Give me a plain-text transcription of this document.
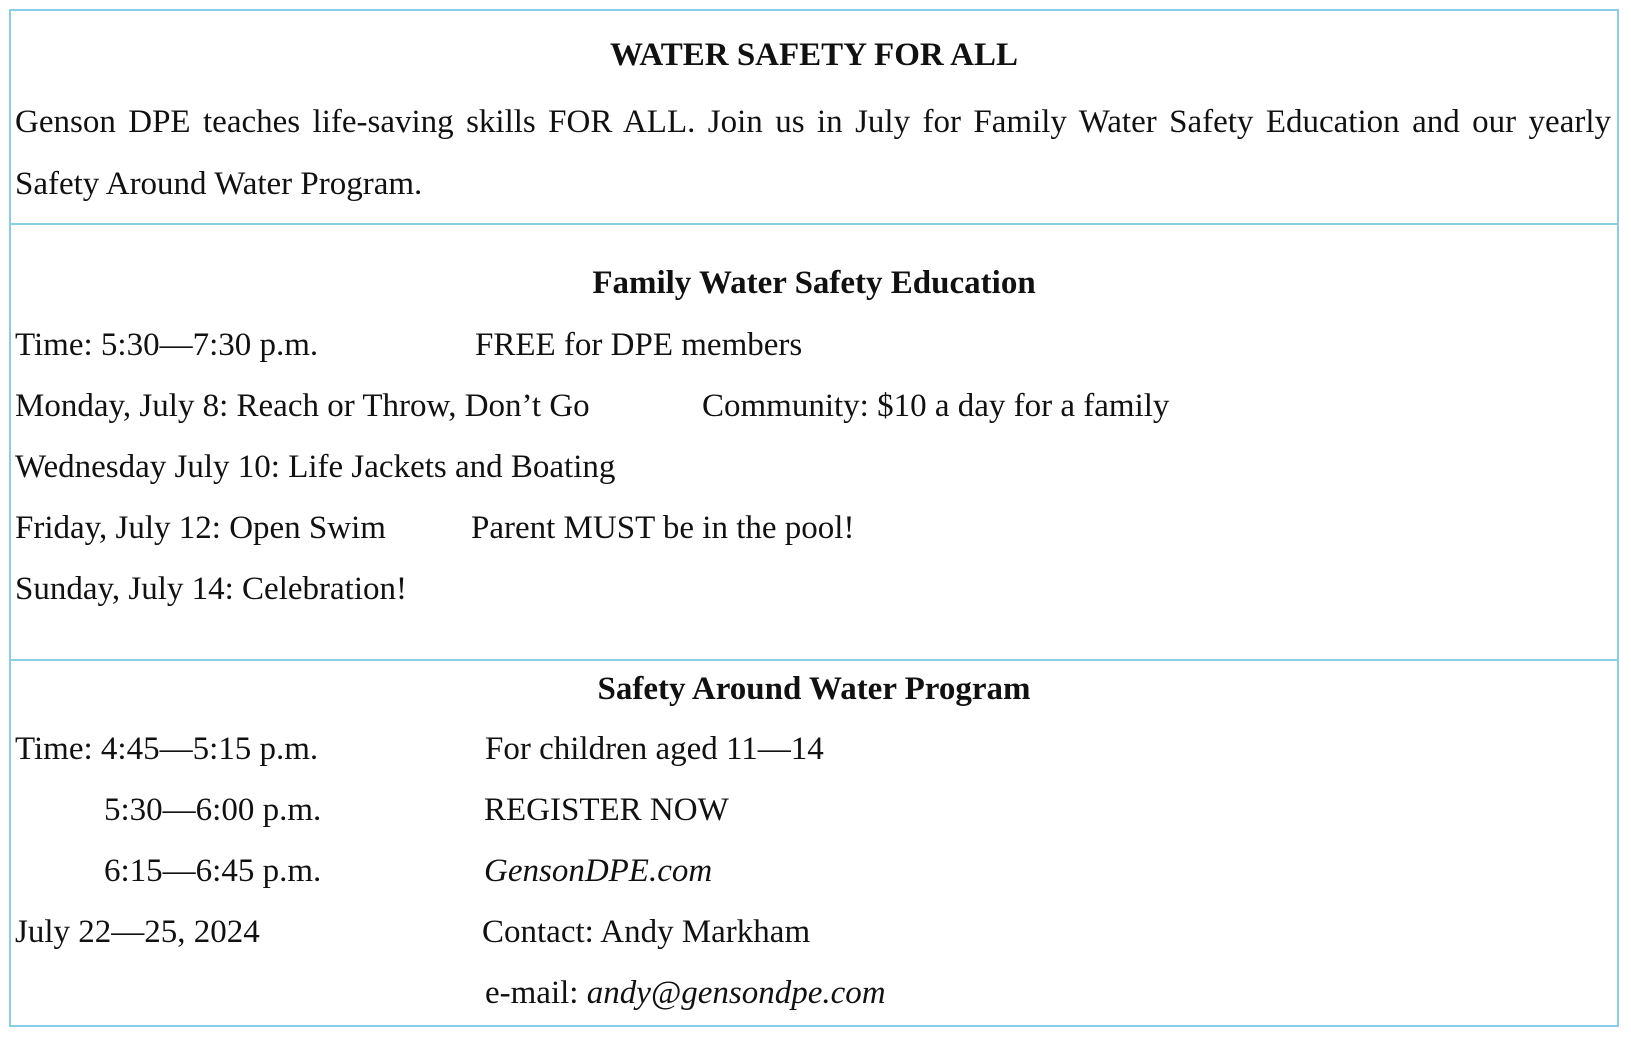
WATER SAFETY FOR ALL
Genson DPE teaches life-saving skills FOR ALL. Join us in July for Family Water Safety Education and our yearly Safety Around Water Program.
Family Water Safety Education
Time: 5:30—7:30 p.m.	FREE for DPE members
Monday, July 8: Reach or Throw, Don’t Go	Community: $10 a day for a family
Wednesday July 10: Life Jackets and Boating
Friday, July 12: Open Swim	Parent MUST be in the pool!
Sunday, July 14: Celebration!
Safety Around Water Program
Time: 4:45—5:15 p.m.	For children aged 11—14
5:30—6:00 p.m.	REGISTER NOW
6:15—6:45 p.m.	GensonDPE.com
July 22—25, 2024	Contact: Andy Markham
e-mail: andy@gensondpe.com
